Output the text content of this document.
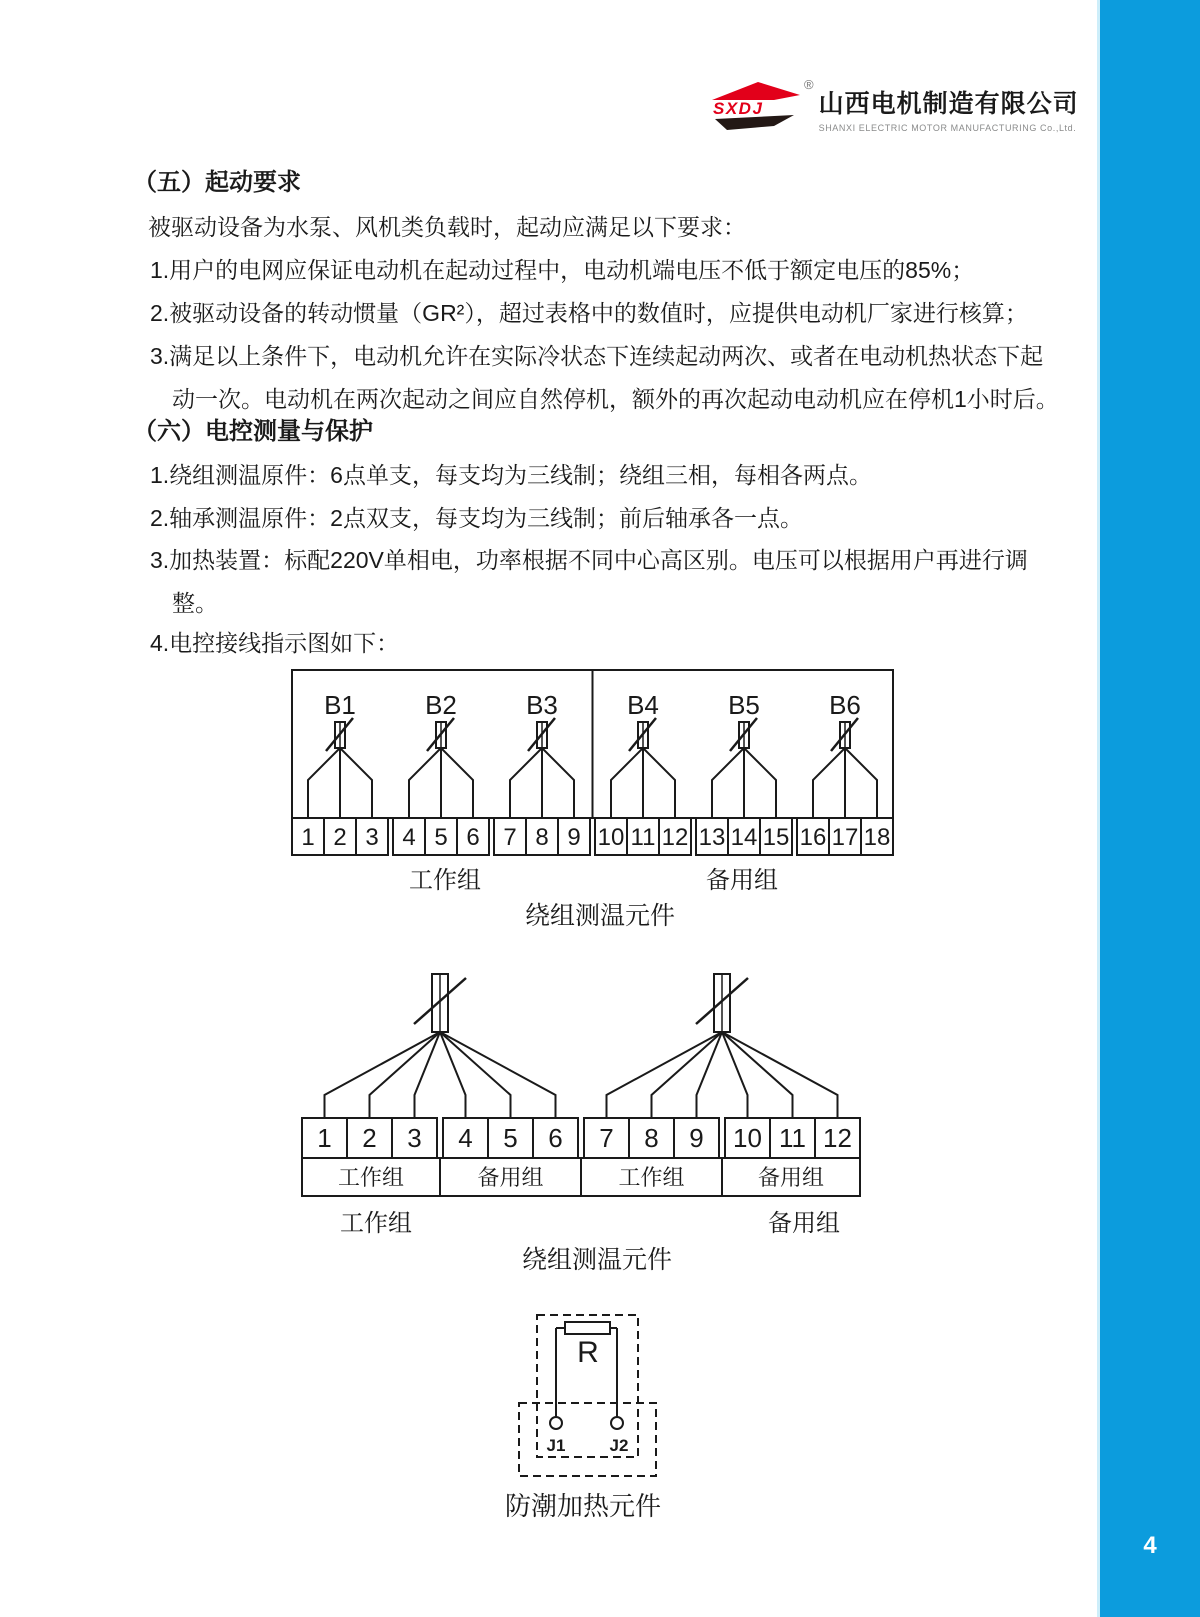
4
SXDJ
®
山西电机制造有限公司
SHANXI ELECTRIC MOTOR MANUFACTURING Co.,Ltd.
（五）起动要求
被驱动设备为水泵、风机类负载时，起动应满足以下要求：
1.用户的电网应保证电动机在起动过程中，电动机端电压不低于额定电压的85%；
2.被驱动设备的转动惯量（GR²），超过表格中的数值时，应提供电动机厂家进行核算；
3.满足以上条件下，电动机允许在实际冷状态下连续起动两次、或者在电动机热状态下起
动一次。电动机在两次起动之间应自然停机，额外的再次起动电动机应在停机1小时后。
（六）电控测量与保护
1.绕组测温原件：6点单支，每支均为三线制；绕组三相，每相各两点。
2.轴承测温原件：2点双支，每支均为三线制；前后轴承各一点。
3.加热装置：标配220V单相电，功率根据不同中心高区别。电压可以根据用户再进行调
整。
4.电控接线指示图如下：
1 2 3
B1
4 5 6
B2
7 8 9
B3
10 11 12
B4
13 14 15
B5
16 17 18
B6
工作组	备用组
绕组测温元件
1 2 3 4 5 6 7 8 9 10 11 12
工作组	备用组	工作组	备用组
工作组	备用组
绕组测温元件
R
J1	J2
防潮加热元件
